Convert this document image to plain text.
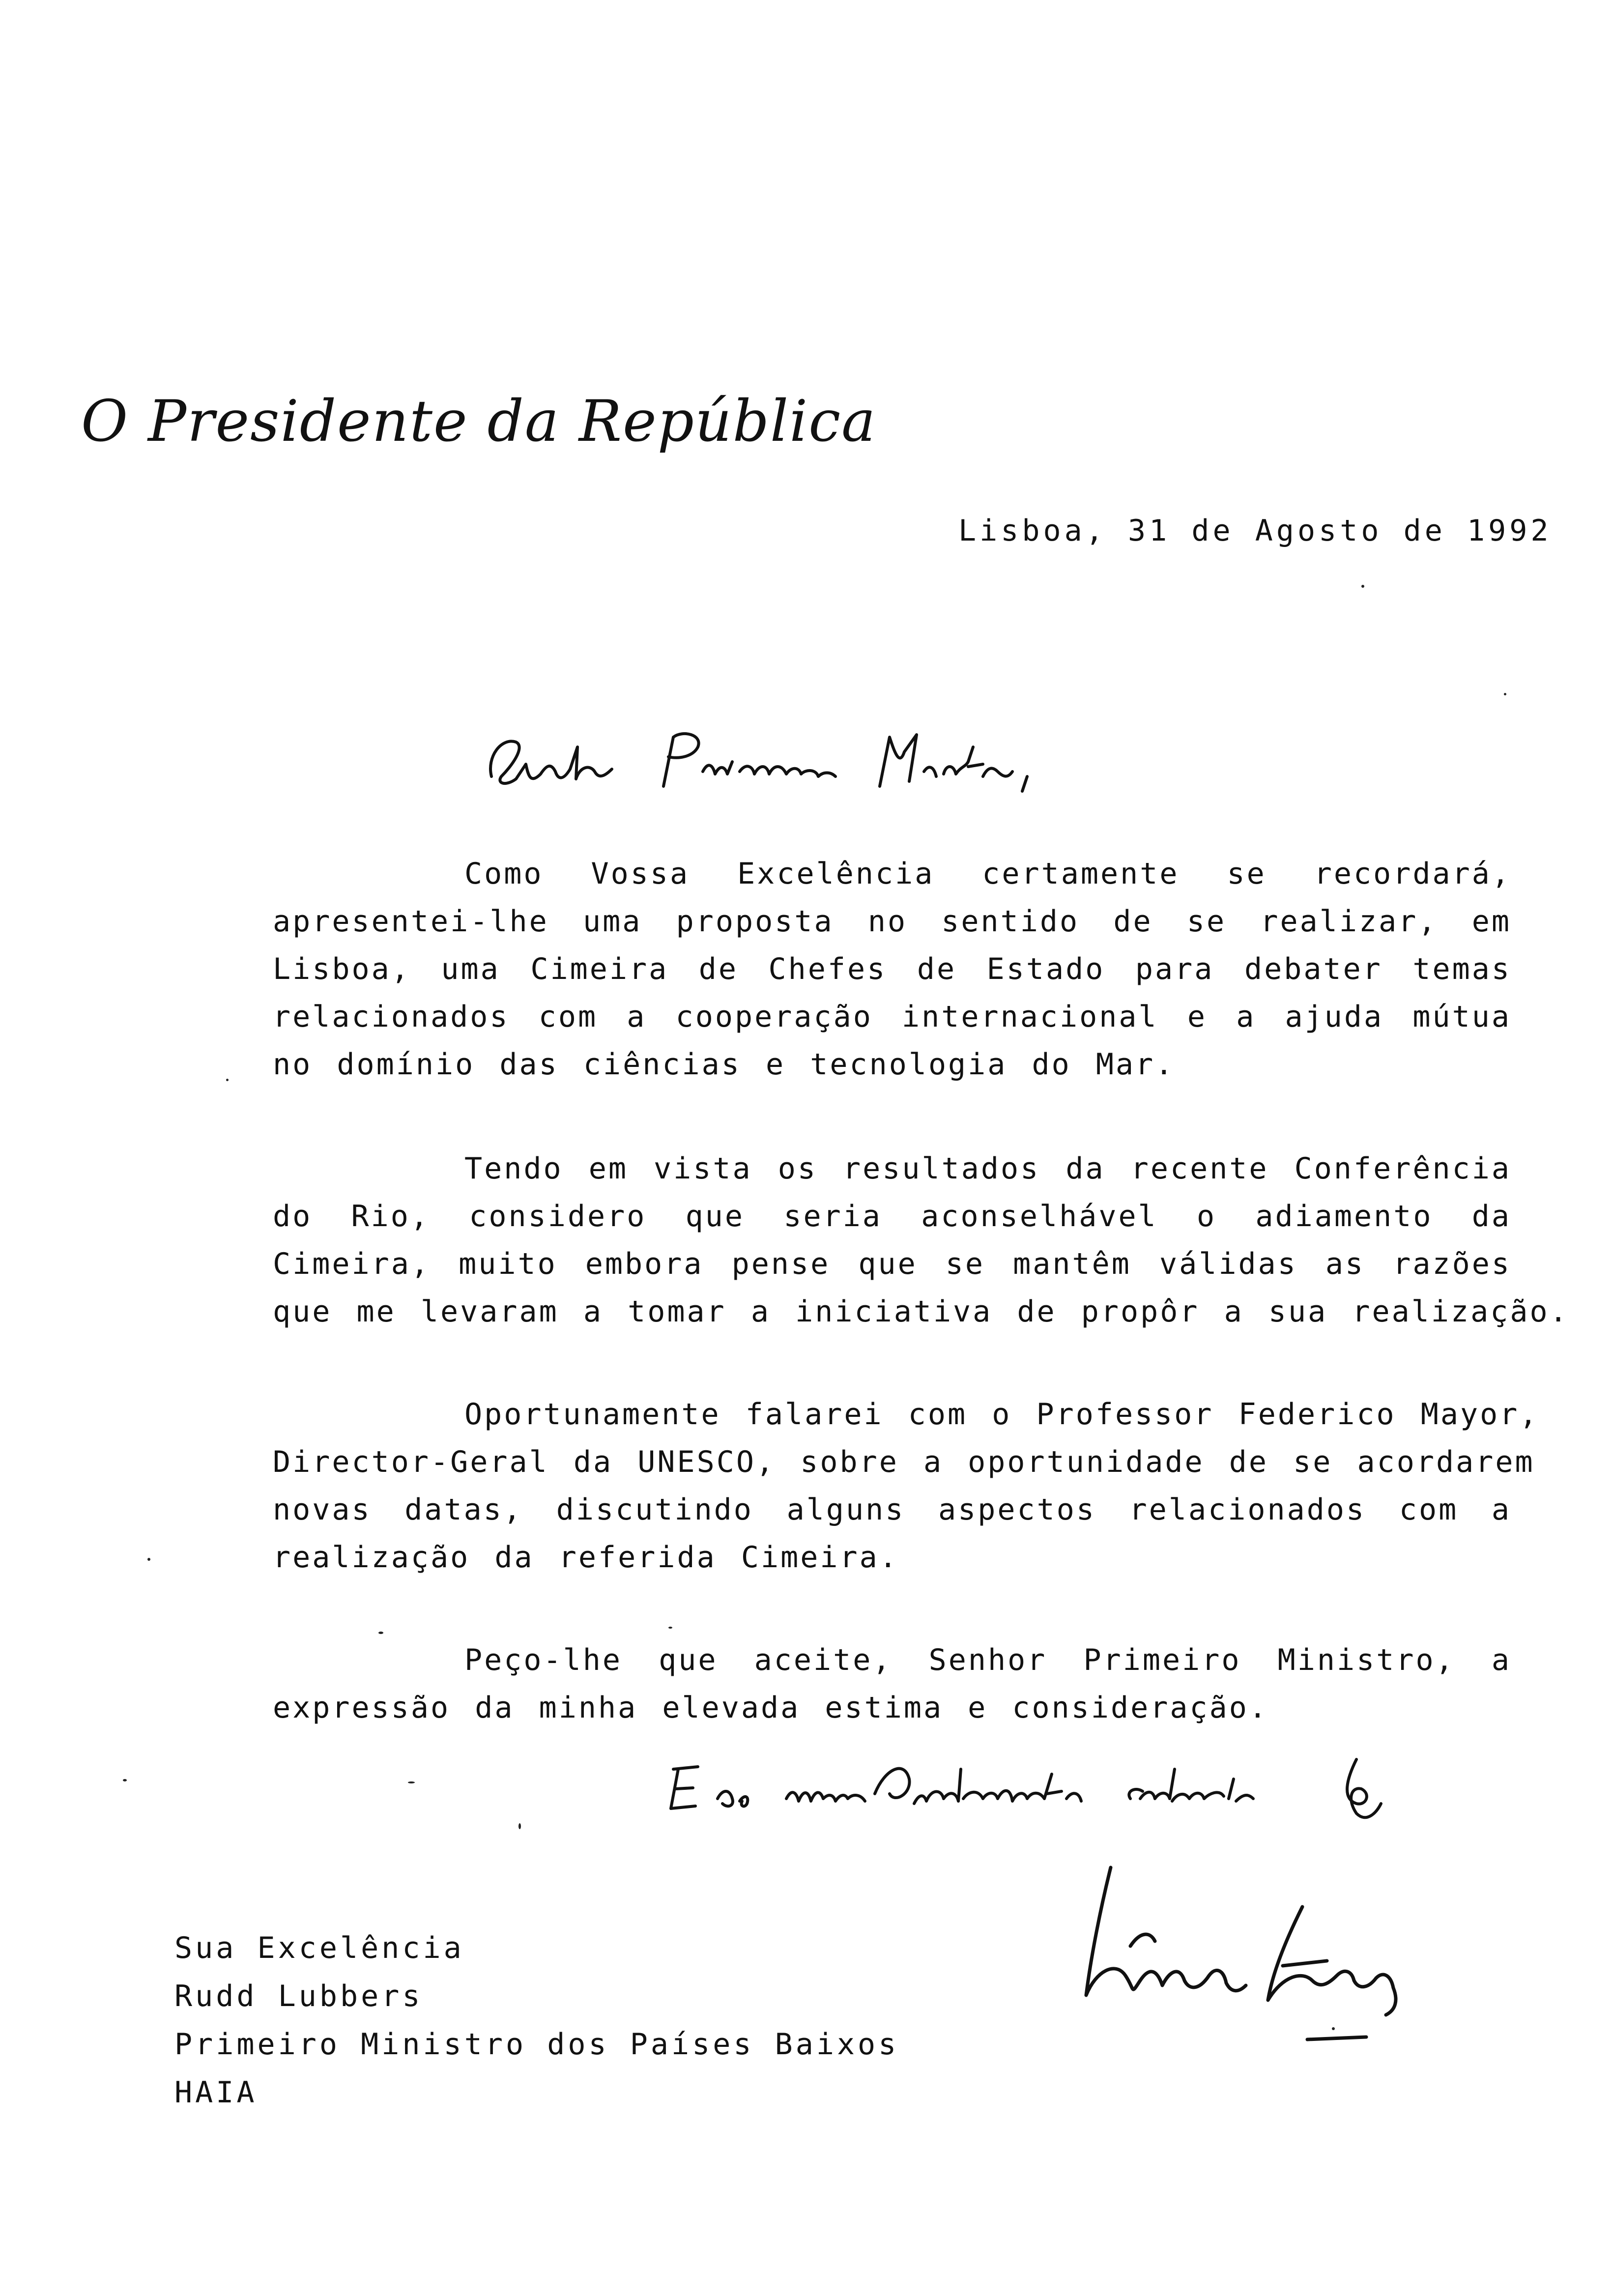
O Presidente da República
Lisboa, 31 de Agosto de 1992
Como Vossa Excelência certamente se recordará,
apresentei-lhe uma proposta no sentido de se realizar, em
Lisboa, uma Cimeira de Chefes de Estado para debater temas
relacionados com a cooperação internacional e a ajuda mútua
no domínio das ciências e tecnologia do Mar.
Tendo em vista os resultados da recente Conferência
do Rio, considero que seria aconselhável o adiamento da
Cimeira, muito embora pense que se mantêm válidas as razões
que me levaram a tomar a iniciativa de propôr a sua realização.
Oportunamente falarei com o Professor Federico Mayor,
Director-Geral da UNESCO, sobre a oportunidade de se acordarem
novas datas, discutindo alguns aspectos relacionados com a
realização da referida Cimeira.
Peço-lhe que aceite, Senhor Primeiro Ministro, a
expressão da minha elevada estima e consideração.
Sua Excelência
Rudd Lubbers
Primeiro Ministro dos Países Baixos
HAIA
